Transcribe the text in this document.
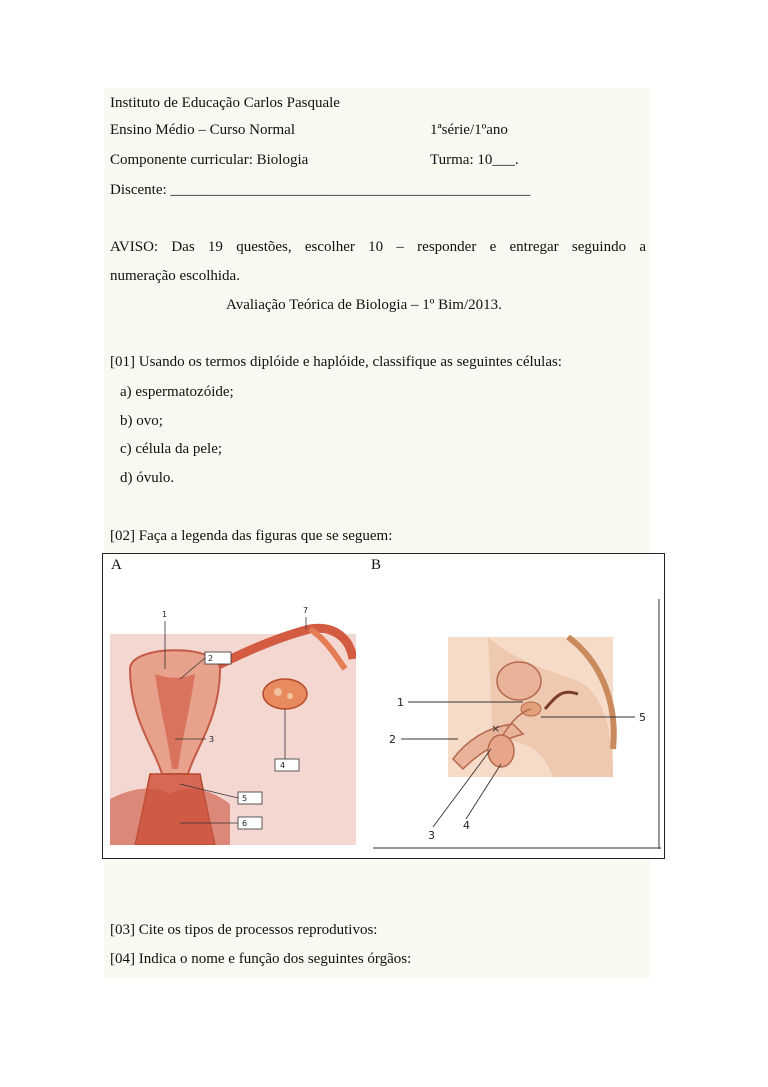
Instituto de Educação Carlos Pasquale
Ensino Médio – Curso Normal	1ªsérie/1ºano
Componente curricular: Biologia	Turma: 10___.
Discente: ________________________________________________
AVISO: Das 19 questões, escolher 10 – responder e entregar seguindo a
numeração escolhida.
Avaliação Teórica de Biologia – 1º Bim/2013.
[01] Usando os termos diplóide e haplóide, classifique as seguintes células:
a) espermatozóide;
b) ovo;
c) célula da pele;
d) óvulo.
[02] Faça a legenda das figuras que se seguem:
A	B
1
2
3
4
5
6
7
×
1
2
3
4
5
[03] Cite os tipos de processos reprodutivos:
[04] Indica o nome e função dos seguintes órgãos:
